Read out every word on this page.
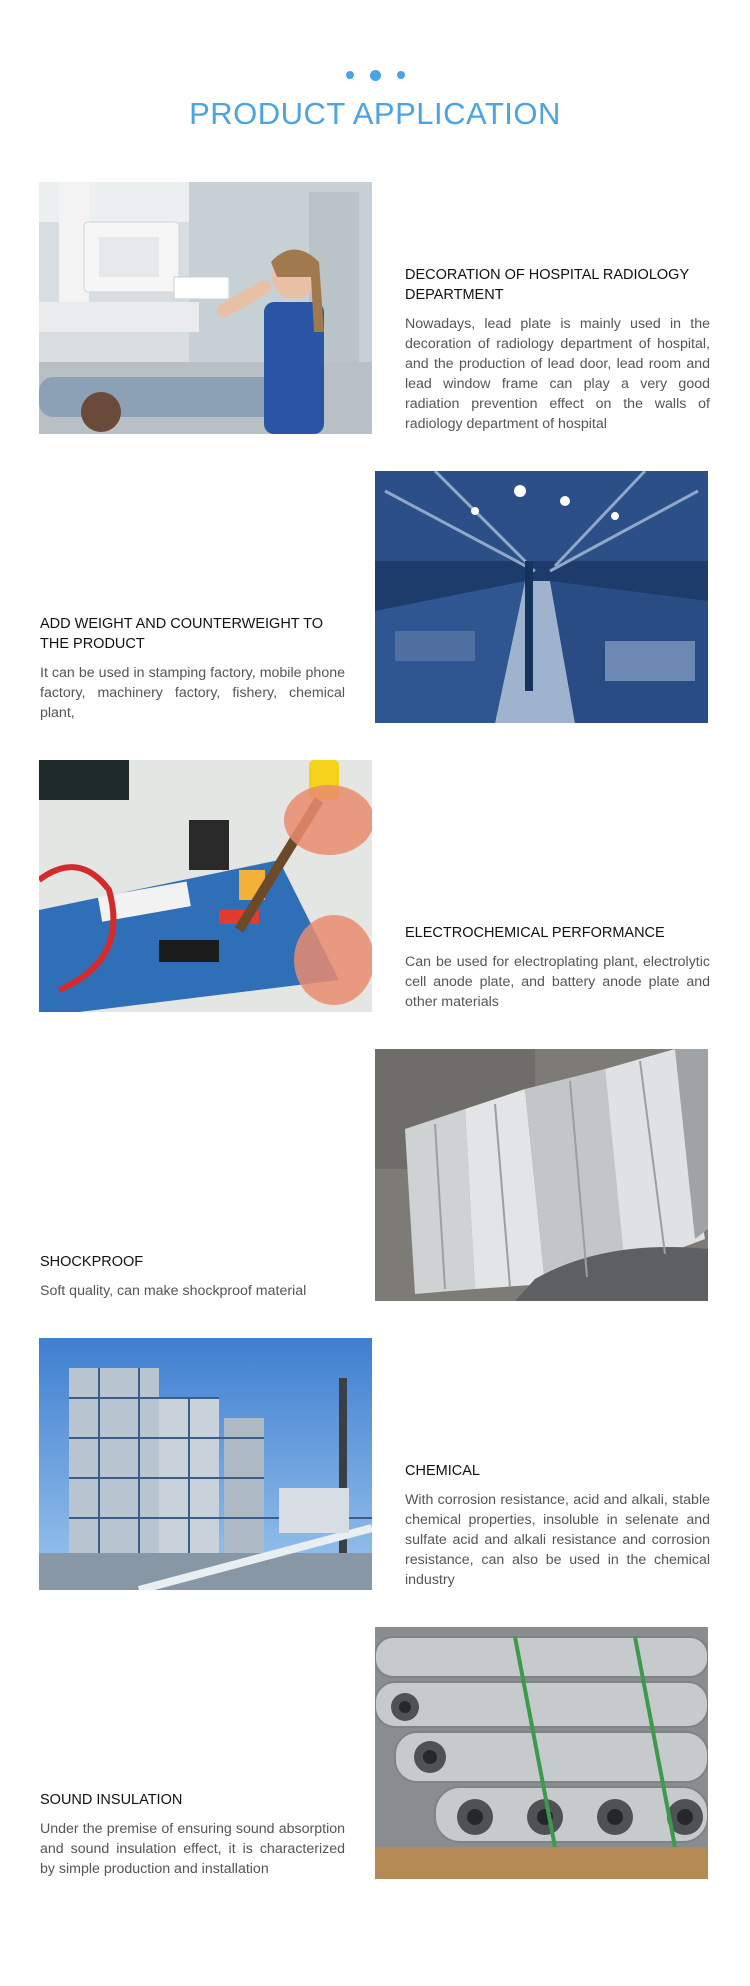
PRODUCT APPLICATION
DECORATION OF HOSPITAL RADIOLOGY DEPARTMENT

Nowadays, lead plate is mainly used in the decoration of radiology department of hospital, and the production of lead door, lead room and lead window frame can play a very good radiation prevention effect on the walls of radiology department of hospital

ADD WEIGHT AND COUNTERWEIGHT TO THE PRODUCT

It can be used in stamping factory, mobile phone factory, machinery factory, fishery, chemical plant,

ELECTROCHEMICAL PERFORMANCE

Can be used for electroplating plant, electrolytic cell anode plate, and battery anode plate and other materials

SHOCKPROOF

Soft quality, can make shockproof material

CHEMICAL

With corrosion resistance, acid and alkali, stable chemical properties, insoluble in selenate and sulfate acid and alkali resistance and corrosion resistance, can also be used in the chemical industry

SOUND INSULATION

Under the premise of ensuring sound absorption and sound insulation effect, it is characterized by simple production and installation
